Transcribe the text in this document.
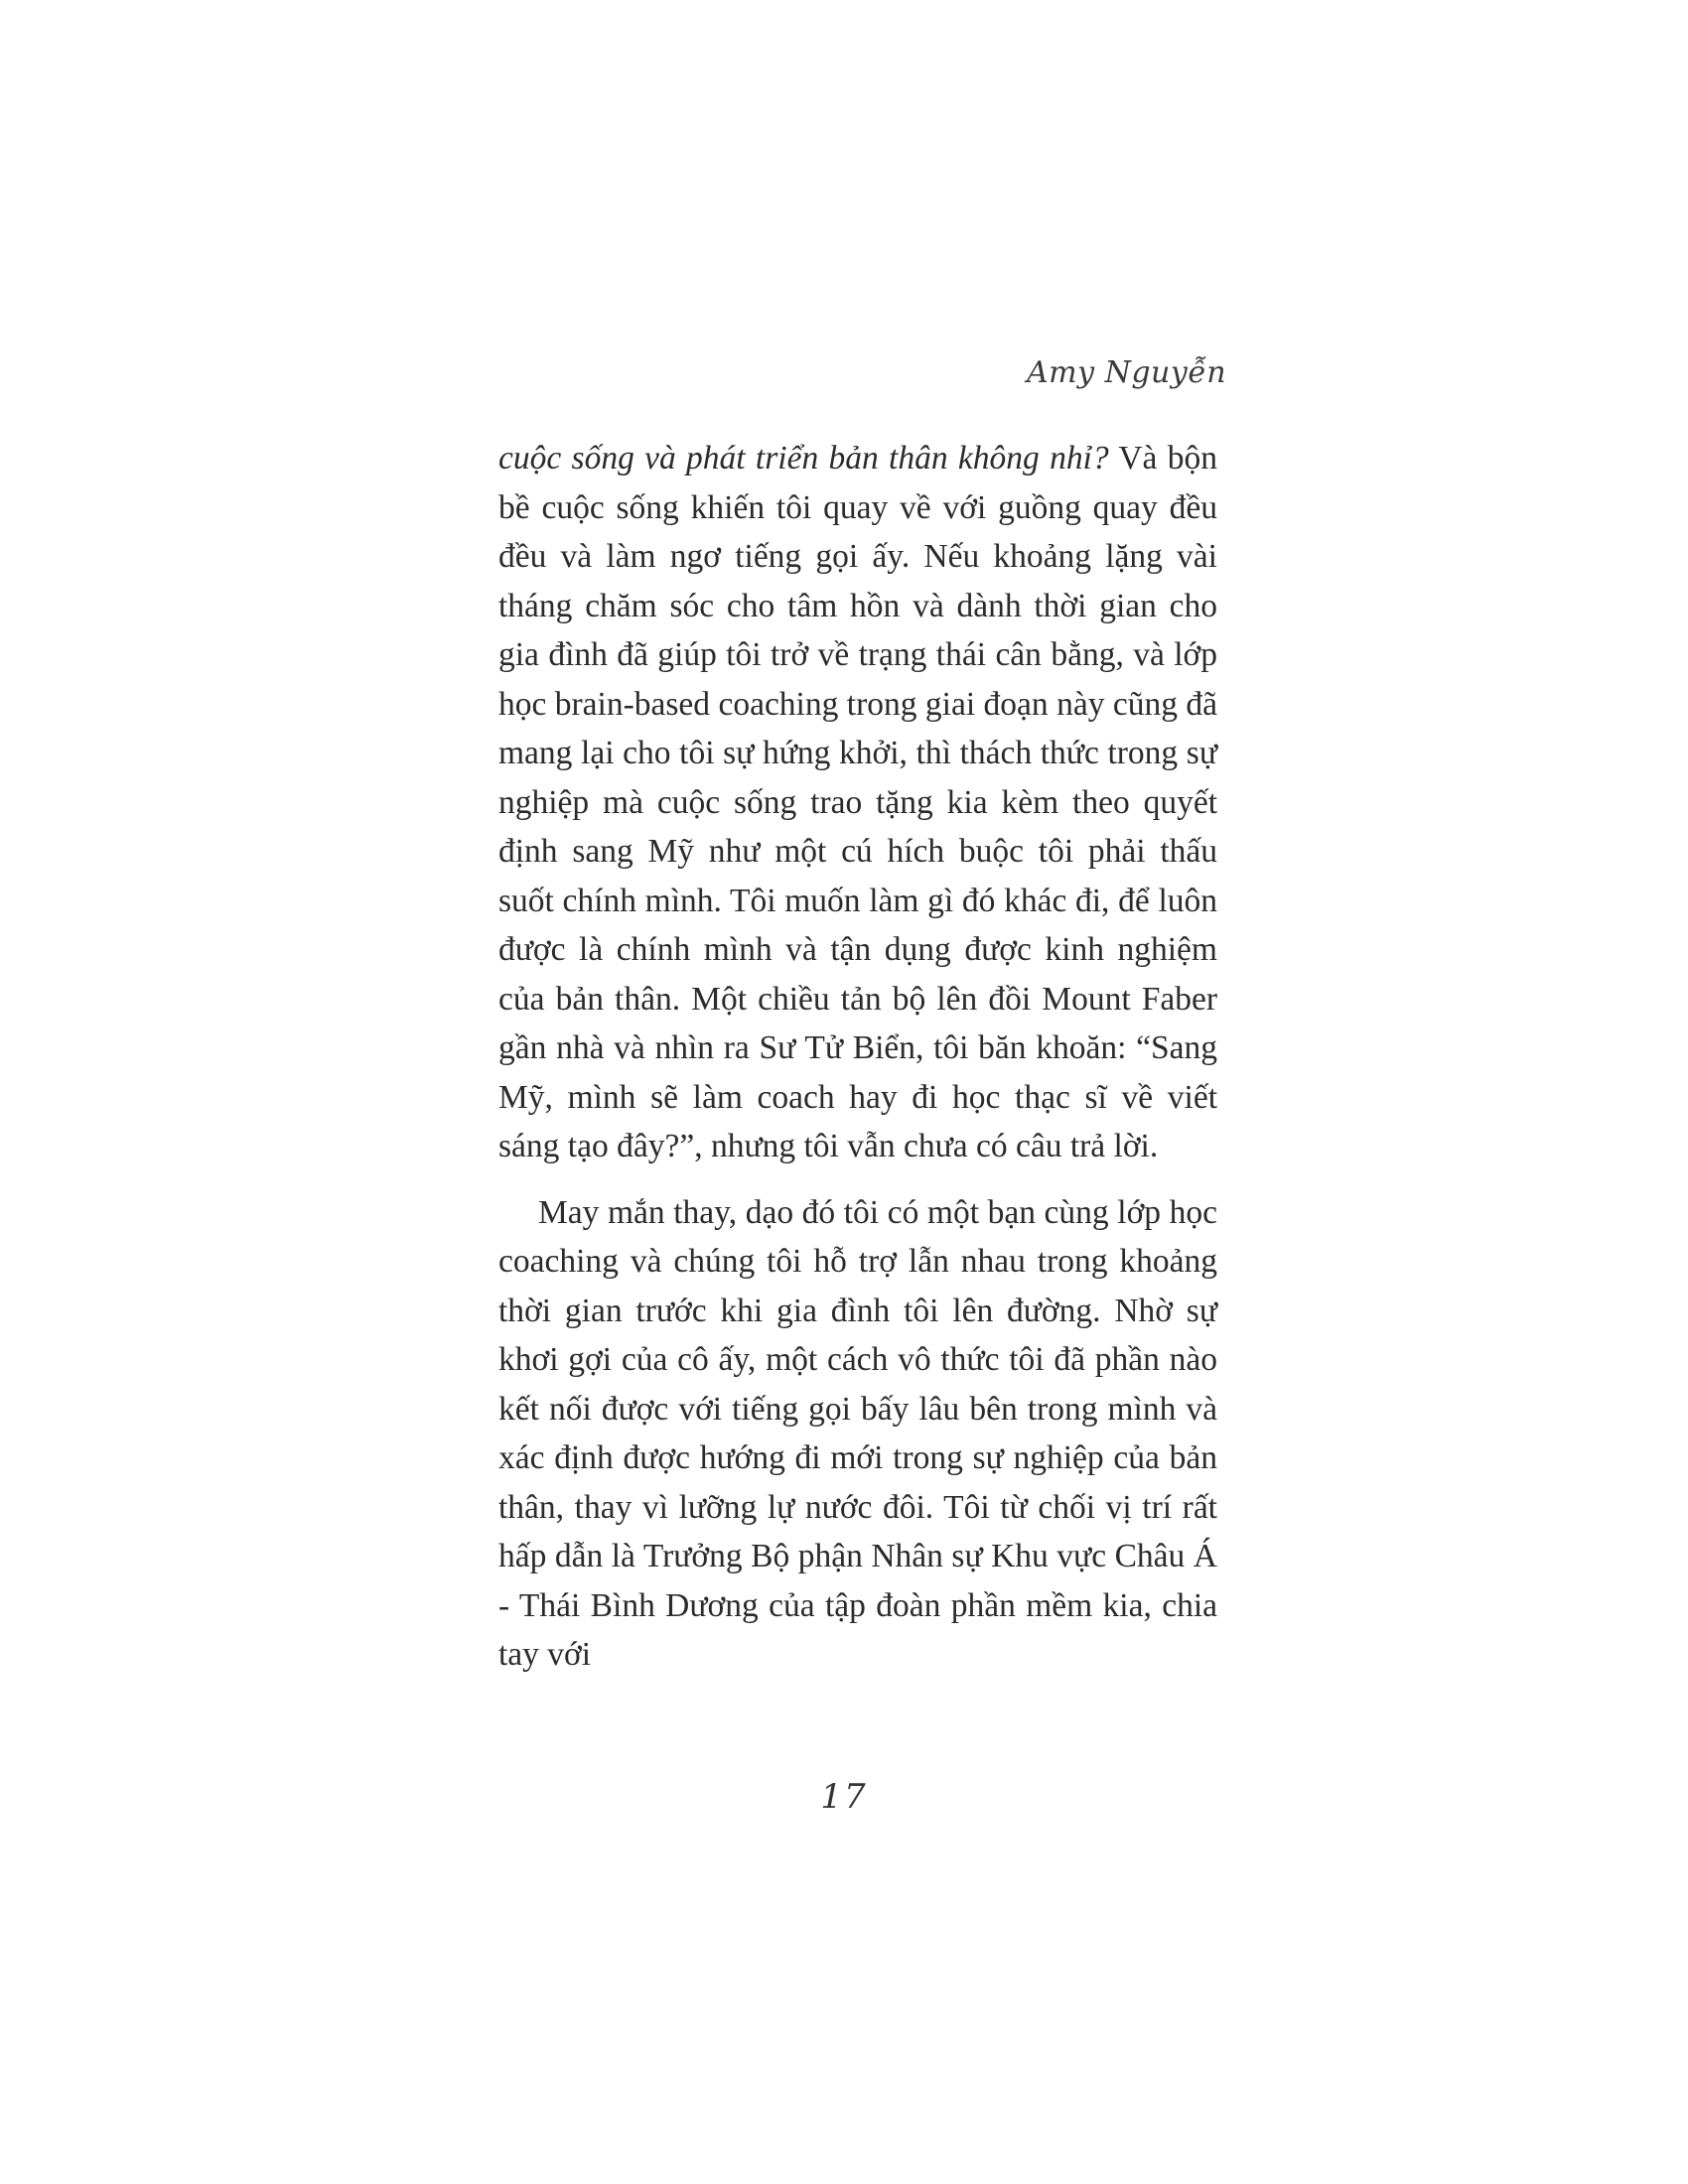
Amy Nguyễn

cuộc sống và phát triển bản thân không nhỉ? Và bộn bề cuộc sống khiến tôi quay về với guồng quay đều đều và làm ngơ tiếng gọi ấy. Nếu khoảng lặng vài tháng chăm sóc cho tâm hồn và dành thời gian cho gia đình đã giúp tôi trở về trạng thái cân bằng, và lớp học brain-based coaching trong giai đoạn này cũng đã mang lại cho tôi sự hứng khởi, thì thách thức trong sự nghiệp mà cuộc sống trao tặng kia kèm theo quyết định sang Mỹ như một cú hích buộc tôi phải thấu suốt chính mình. Tôi muốn làm gì đó khác đi, để luôn được là chính mình và tận dụng được kinh nghiệm của bản thân. Một chiều tản bộ lên đồi Mount Faber gần nhà và nhìn ra Sư Tử Biển, tôi băn khoăn: “Sang Mỹ, mình sẽ làm coach hay đi học thạc sĩ về viết sáng tạo đây?”, nhưng tôi vẫn chưa có câu trả lời.

May mắn thay, dạo đó tôi có một bạn cùng lớp học coaching và chúng tôi hỗ trợ lẫn nhau trong khoảng thời gian trước khi gia đình tôi lên đường. Nhờ sự khơi gợi của cô ấy, một cách vô thức tôi đã phần nào kết nối được với tiếng gọi bấy lâu bên trong mình và xác định được hướng đi mới trong sự nghiệp của bản thân, thay vì lưỡng lự nước đôi. Tôi từ chối vị trí rất hấp dẫn là Trưởng Bộ phận Nhân sự Khu vực Châu Á - Thái Bình Dương của tập đoàn phần mềm kia, chia tay với

17
